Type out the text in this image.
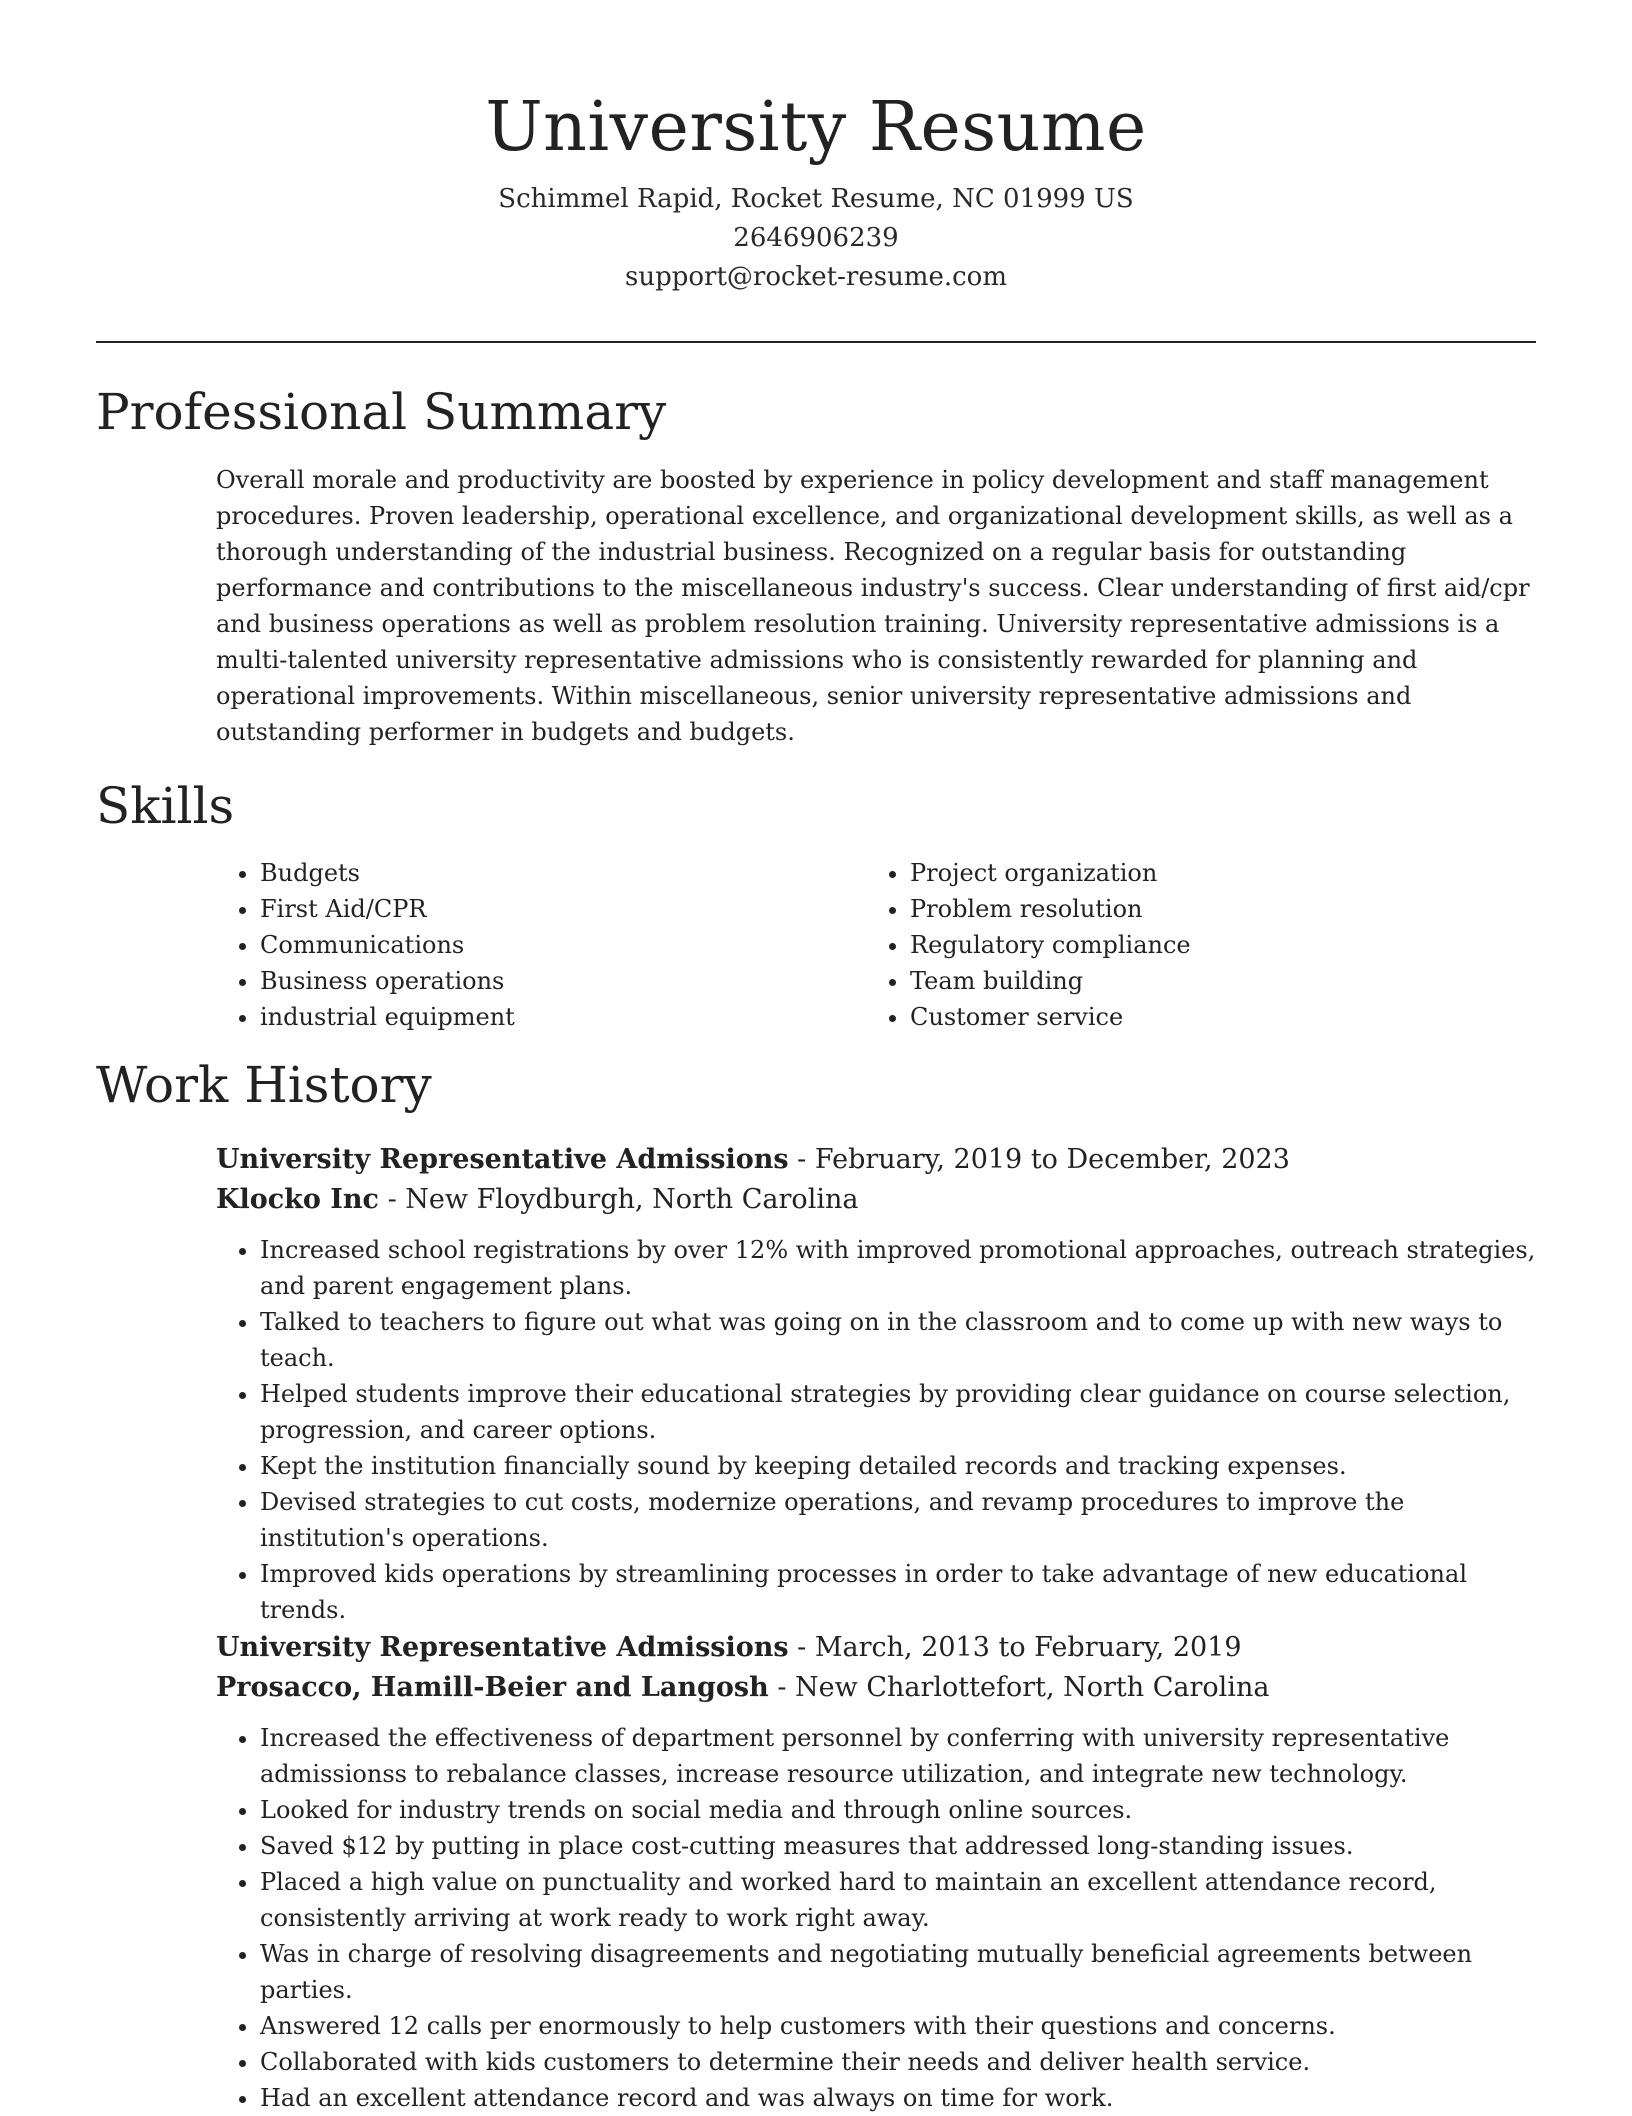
University Resume
Schimmel Rapid, Rocket Resume, NC 01999 US
2646906239
support@rocket-resume.com
Professional Summary

Overall morale and productivity are boosted by experience in policy development and staff management procedures. Proven leadership, operational excellence, and organizational development skills, as well as a thorough understanding of the industrial business. Recognized on a regular basis for outstanding performance and contributions to the miscellaneous industry's success. Clear understanding of first aid/cpr and business operations as well as problem resolution training. University representative admissions is a multi-talented university representative admissions who is consistently rewarded for planning and operational improvements. Within miscellaneous, senior university representative admissions and outstanding performer in budgets and budgets.

Skills
• Budgets
• First Aid/CPR
• Communications
• Business operations
• industrial equipment
• Project organization
• Problem resolution
• Regulatory compliance
• Team building
• Customer service
Work History
University Representative Admissions - February, 2019 to December, 2023
Klocko Inc - New Floydburgh, North Carolina
• Increased school registrations by over 12% with improved promotional approaches, outreach strategies, and parent engagement plans.
• Talked to teachers to figure out what was going on in the classroom and to come up with new ways to teach.
• Helped students improve their educational strategies by providing clear guidance on course selection, progression, and career options.
• Kept the institution financially sound by keeping detailed records and tracking expenses.
• Devised strategies to cut costs, modernize operations, and revamp procedures to improve the institution's operations.
• Improved kids operations by streamlining processes in order to take advantage of new educational trends.
University Representative Admissions - March, 2013 to February, 2019
Prosacco, Hamill-Beier and Langosh - New Charlottefort, North Carolina
• Increased the effectiveness of department personnel by conferring with university representative admissionss to rebalance classes, increase resource utilization, and integrate new technology.
• Looked for industry trends on social media and through online sources.
• Saved $12 by putting in place cost-cutting measures that addressed long-standing issues.
• Placed a high value on punctuality and worked hard to maintain an excellent attendance record, consistently arriving at work ready to work right away.
• Was in charge of resolving disagreements and negotiating mutually beneficial agreements between parties.
• Answered 12 calls per enormously to help customers with their questions and concerns.
• Collaborated with kids customers to determine their needs and deliver health service.
• Had an excellent attendance record and was always on time for work.
